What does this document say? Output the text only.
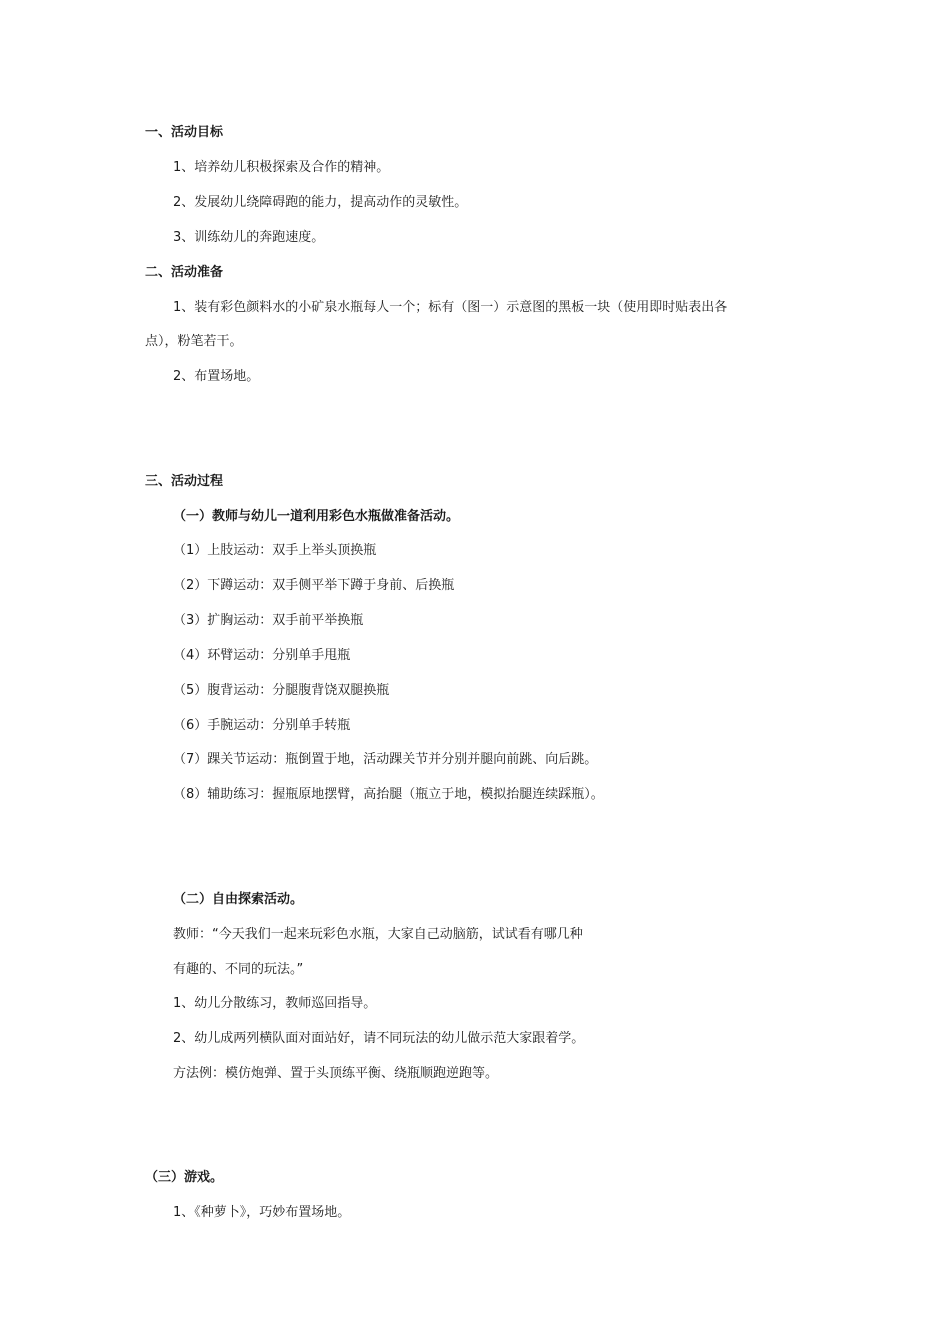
一、活动目标
1、培养幼儿积极探索及合作的精神。
2、发展幼儿绕障碍跑的能力，提高动作的灵敏性。
3、训练幼儿的奔跑速度。
二、活动准备
1、装有彩色颜料水的小矿泉水瓶每人一个；标有（图一）示意图的黑板一块（使用即时贴表出各
点），粉笔若干。
2、布置场地。
三、活动过程
（一）教师与幼儿一道利用彩色水瓶做准备活动。
（1）上肢运动：双手上举头顶换瓶
（2）下蹲运动：双手侧平举下蹲于身前、后换瓶
（3）扩胸运动：双手前平举换瓶
（4）环臂运动：分别单手甩瓶
（5）腹背运动：分腿腹背饶双腿换瓶
（6）手腕运动：分别单手转瓶
（7）踝关节运动：瓶倒置于地，活动踝关节并分别并腿向前跳、向后跳。
（8）辅助练习：握瓶原地摆臂，高抬腿（瓶立于地，模拟抬腿连续踩瓶）。
（二）自由探索活动。
教师：“今天我们一起来玩彩色水瓶，大家自己动脑筋，试试看有哪几种
有趣的、不同的玩法。”
1、幼儿分散练习，教师巡回指导。
2、幼儿成两列横队面对面站好，请不同玩法的幼儿做示范大家跟着学。
方法例：模仿炮弹、置于头顶练平衡、绕瓶顺跑逆跑等。
（三）游戏。
1、《种萝卜》，巧妙布置场地。
